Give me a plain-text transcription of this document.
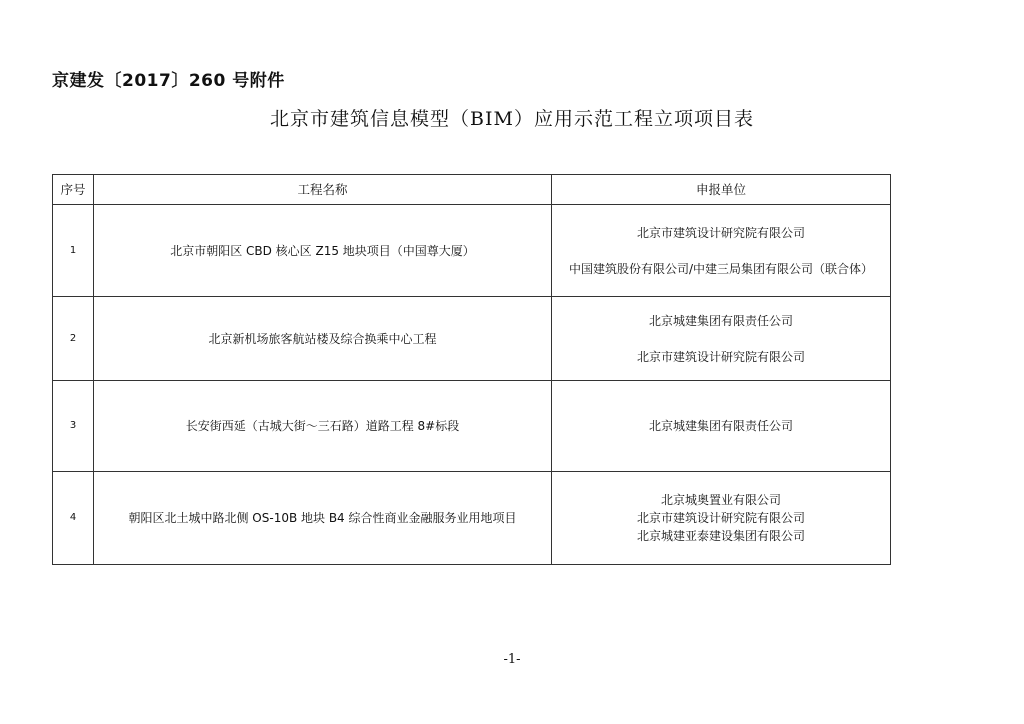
京建发〔2017〕260 号附件
北京市建筑信息模型（BIM）应用示范工程立项项目表
序号	工程名称	申报单位
1	北京市朝阳区 CBD 核心区 Z15 地块项目（中国尊大厦）	北京市建筑设计研究院有限公司
中国建筑股份有限公司/中建三局集团有限公司（联合体）

2	北京新机场旅客航站楼及综合换乘中心工程	北京城建集团有限责任公司
北京市建筑设计研究院有限公司

3	长安街西延（古城大街～三石路）道路工程 8#标段	北京城建集团有限责任公司

4	朝阳区北土城中路北侧 OS-10B 地块 B4 综合性商业金融服务业用地项目	北京城奥置业有限公司
北京市建筑设计研究院有限公司
北京城建亚泰建设集团有限公司
-1-
